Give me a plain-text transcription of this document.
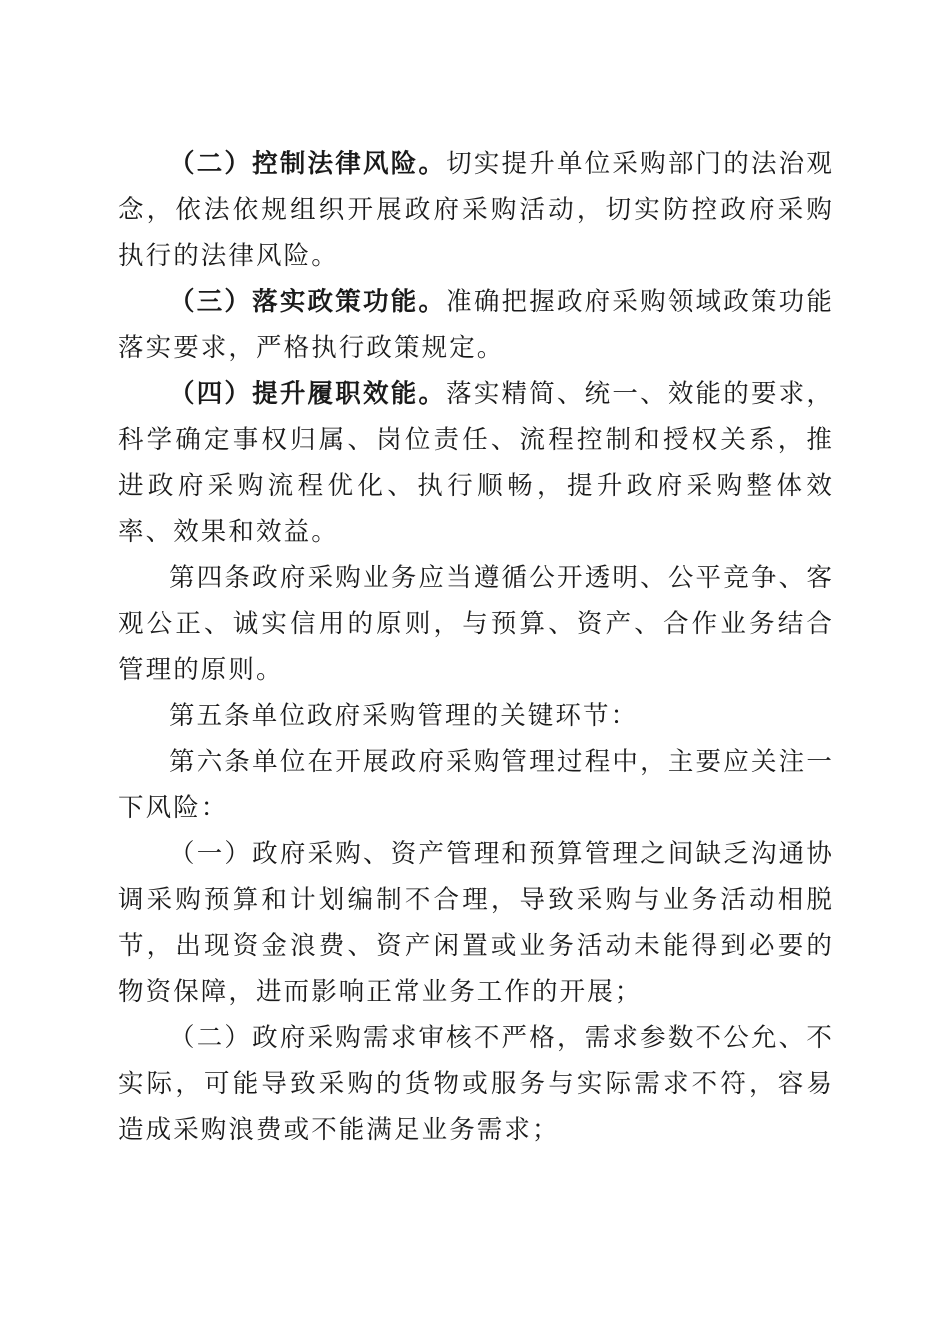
（二）控制法律风险。切实提升单位采购部门的法治观念，依法依规组织开展政府采购活动，切实防控政府采购执行的法律风险。

（三）落实政策功能。准确把握政府采购领域政策功能落实要求，严格执行政策规定。

（四）提升履职效能。落实精简、统一、效能的要求，科学确定事权归属、岗位责任、流程控制和授权关系，推进政府采购流程优化、执行顺畅，提升政府采购整体效率、效果和效益。

第四条政府采购业务应当遵循公开透明、公平竞争、客观公正、诚实信用的原则，与预算、资产、合作业务结合管理的原则。

第五条单位政府采购管理的关键环节：

第六条单位在开展政府采购管理过程中，主要应关注一下风险：

（一）政府采购、资产管理和预算管理之间缺乏沟通协调采购预算和计划编制不合理，导致采购与业务活动相脱节，出现资金浪费、资产闲置或业务活动未能得到必要的物资保障，进而影响正常业务工作的开展；

（二）政府采购需求审核不严格，需求参数不公允、不实际，可能导致采购的货物或服务与实际需求不符，容易造成采购浪费或不能满足业务需求；
